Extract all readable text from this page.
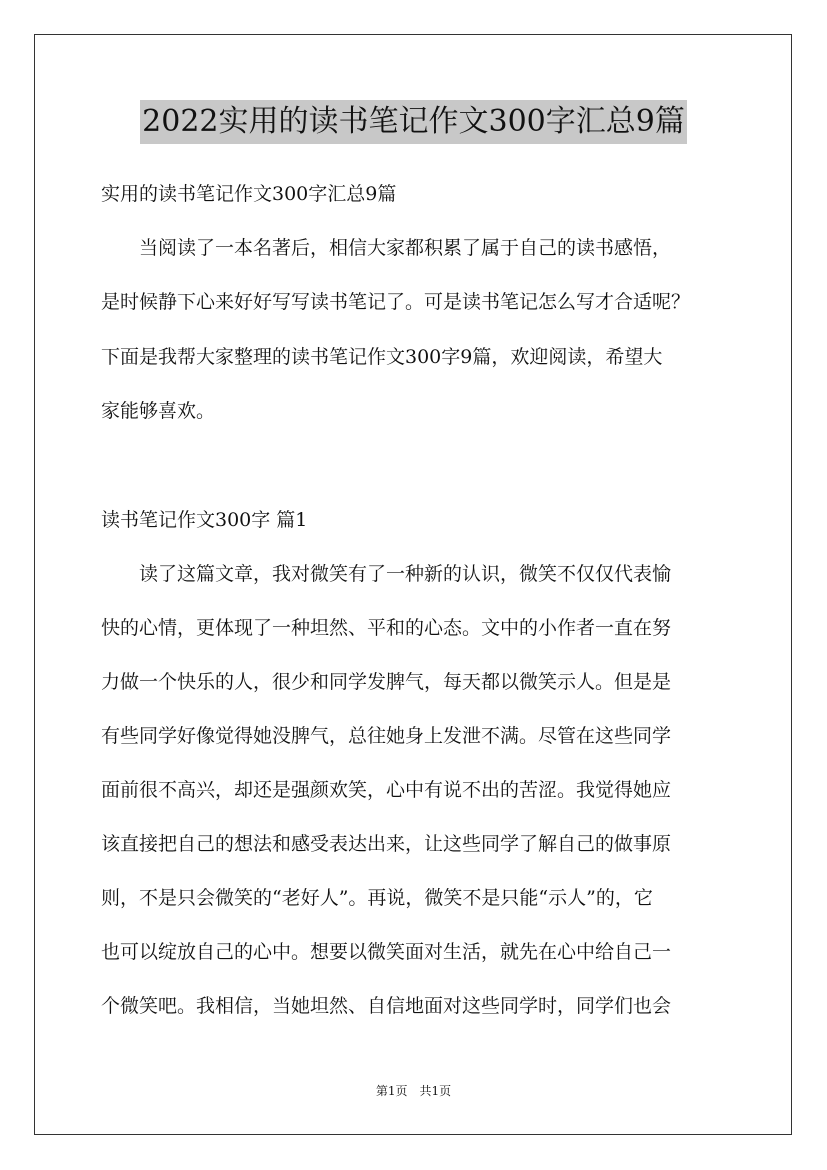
2022实用的读书笔记作文300字汇总9篇
实用的读书笔记作文300字汇总9篇
　　当阅读了一本名著后，相信大家都积累了属于自己的读书感悟，
是时候静下心来好好写写读书笔记了。可是读书笔记怎么写才合适呢？
下面是我帮大家整理的读书笔记作文300字9篇，欢迎阅读，希望大
家能够喜欢。
读书笔记作文300字 篇1
　　读了这篇文章，我对微笑有了一种新的认识，微笑不仅仅代表愉
快的心情，更体现了一种坦然、平和的心态。文中的小作者一直在努
力做一个快乐的人，很少和同学发脾气，每天都以微笑示人。但是是
有些同学好像觉得她没脾气，总往她身上发泄不满。尽管在这些同学
面前很不高兴，却还是强颜欢笑，心中有说不出的苦涩。我觉得她应
该直接把自己的想法和感受表达出来，让这些同学了解自己的做事原
则，不是只会微笑的“老好人”。再说，微笑不是只能“示人”的，它
也可以绽放自己的心中。想要以微笑面对生活，就先在心中给自己一
个微笑吧。我相信，当她坦然、自信地面对这些同学时，同学们也会
第1页　共1页
